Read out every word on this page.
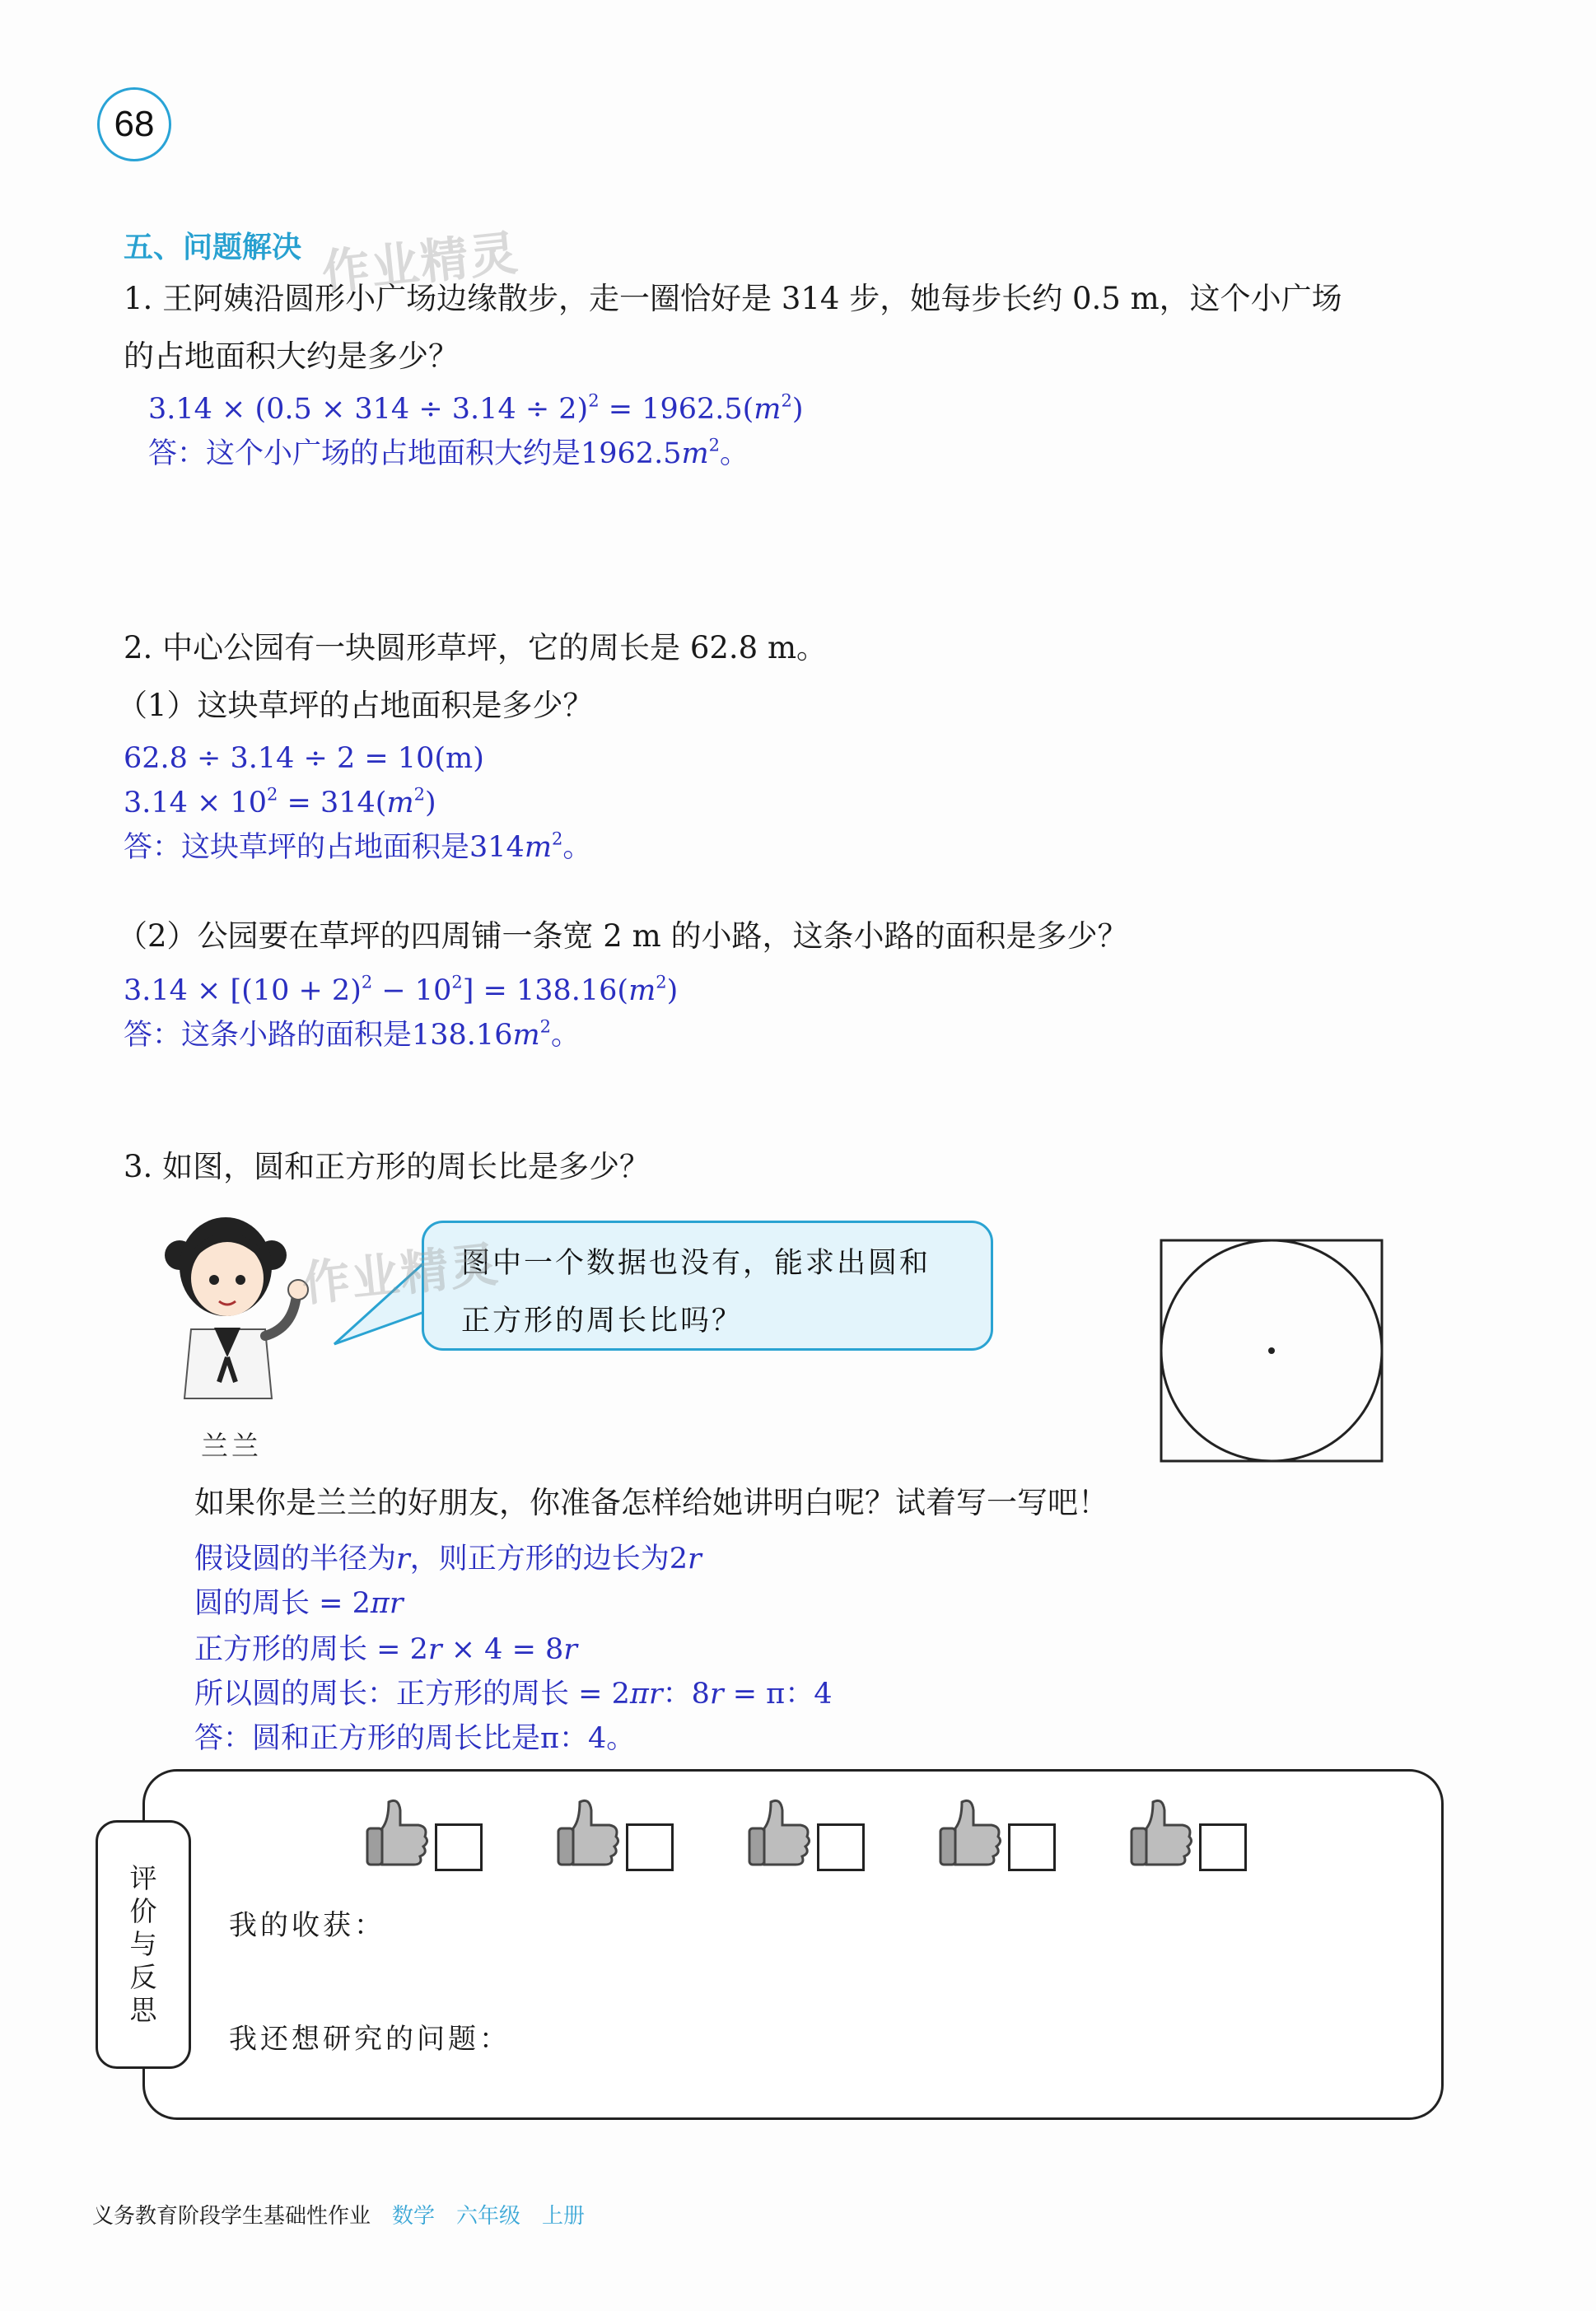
68
五、问题解决 作业精灵
1. 王阿姨沿圆形小广场边缘散步，走一圈恰好是 314 步，她每步长约 0.5 m，这个小广场
的占地面积大约是多少？
$3.14 \times (0.5 \times 314 \div 3.14 \div 2)^2 = 1962.5(m^2)$
答：这个小广场的占地面积大约是$1962.5m^2$。
2. 中心公园有一块圆形草坪，它的周长是 62.8 m。
（1）这块草坪的占地面积是多少？
62.8 ÷ 3.14 ÷ 2 = 10(m)
$3.14 \times 10^2 = 314(m^2)$
答：这块草坪的占地面积是$314m^2$。
（2）公园要在草坪的四周铺一条宽 2 m 的小路，这条小路的面积是多少？
$3.14 \times [(10 + 2)^2 - 10^2] = 138.16(m^2)$
答：这条小路的面积是$138.16m^2$。
3. 如图，圆和正方形的周长比是多少？
兰兰
图中一个数据也没有，能求出圆和
正方形的周长比吗？
作业精灵
如果你是兰兰的好朋友，你准备怎样给她讲明白呢？试着写一写吧！
假设圆的半径为r，则正方形的边长为2r
圆的周长 = 2πr
正方形的周长 = 2r × 4 = 8r
所以圆的周长：正方形的周长 = 2πr：8r = π：4
答：圆和正方形的周长比是π：4。
评
价
与
反
思
我的收获：
我还想研究的问题：
义务教育阶段学生基础性作业 数学 六年级 上册
